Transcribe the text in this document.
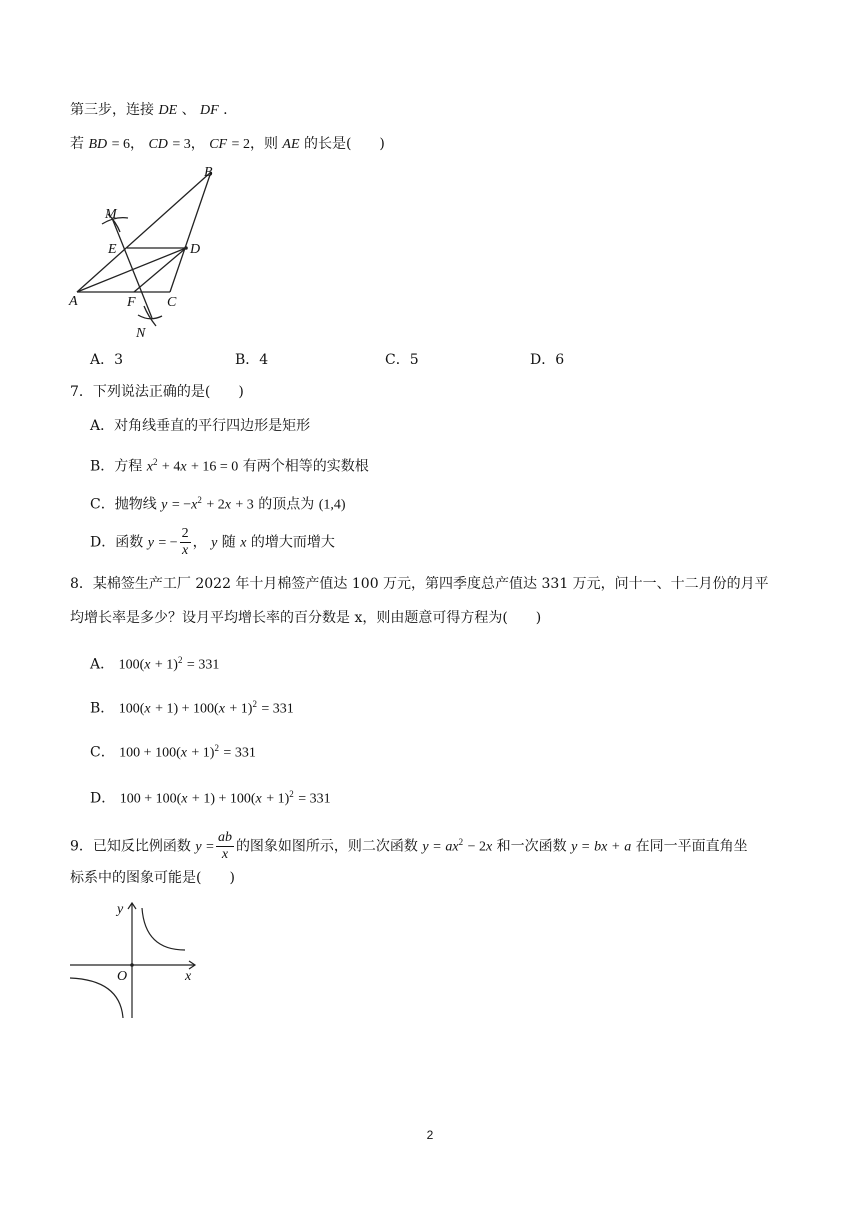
第三步，连接 DE 、 DF .
若 BD = 6， CD = 3， CF = 2，则 AE 的长是(　　)
B
M
E	D
A	F C
N
A．3	B．4	C．5	D．6
7．下列说法正确的是(　　)
A．对角线垂直的平行四边形是矩形
B．方程 $x^2 + 4x + 16 = 0$ 有两个相等的实数根
C．抛物线 $y = -x^2 + 2x + 3$ 的顶点为 (1,4)
D．函数 y = − $\frac{2}{x}$ ， y 随 x 的增大而增大
8．某棉签生产工厂 2022 年十月棉签产值达 100 万元，第四季度总产值达 331 万元，问十一、十二月份的月平
均增长率是多少？设月平均增长率的百分数是 x，则由题意可得方程为(　　)
A． $100(x + 1)^2 = 331$
B． $100(x + 1) + 100(x + 1)^2 = 331$
C． $100 + 100(x + 1)^2 = 331$
D． $100 + 100(x + 1) + 100(x + 1)^2 = 331$
9．已知反比例函数 $y = \frac{ab}{x}$ 的图象如图所示，则二次函数 $y = ax^2 - 2x$ 和一次函数 y = bx + a 在同一平面直角坐
标系中的图象可能是(　　)
y
O	x
2
